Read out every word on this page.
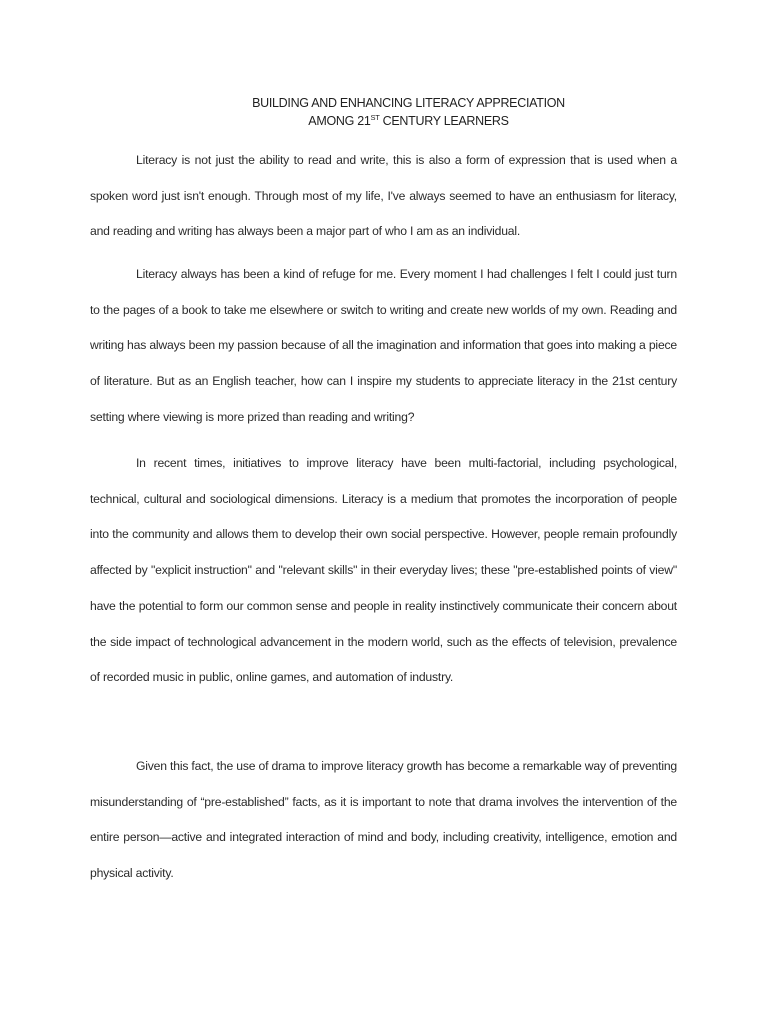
BUILDING AND ENHANCING LITERACY APPRECIATION

AMONG 21ST CENTURY LEARNERS

Literacy is not just the ability to read and write, this is also a form of expression that is used when a spoken word just isn't enough. Through most of my life, I've always seemed to have an enthusiasm for literacy, and reading and writing has always been a major part of who I am as an individual.

Literacy always has been a kind of refuge for me. Every moment I had challenges I felt I could just turn to the pages of a book to take me elsewhere or switch to writing and create new worlds of my own. Reading and writing has always been my passion because of all the imagination and information that goes into making a piece of literature. But as an English teacher, how can I inspire my students to appreciate literacy in the 21st century setting where viewing is more prized than reading and writing?

In recent times, initiatives to improve literacy have been multi-factorial, including psychological, technical, cultural and sociological dimensions. Literacy is a medium that promotes the incorporation of people into the community and allows them to develop their own social perspective. However, people remain profoundly affected by "explicit instruction" and "relevant skills" in their everyday lives; these "pre-established points of view" have the potential to form our common sense and people in reality instinctively communicate their concern about the side impact of technological advancement in the modern world, such as the effects of television, prevalence of recorded music in public, online games, and automation of industry.

Given this fact, the use of drama to improve literacy growth has become a remarkable way of preventing misunderstanding of “pre-established” facts, as it is important to note that drama involves the intervention of the entire person—active and integrated interaction of mind and body, including creativity, intelligence, emotion and physical activity.
